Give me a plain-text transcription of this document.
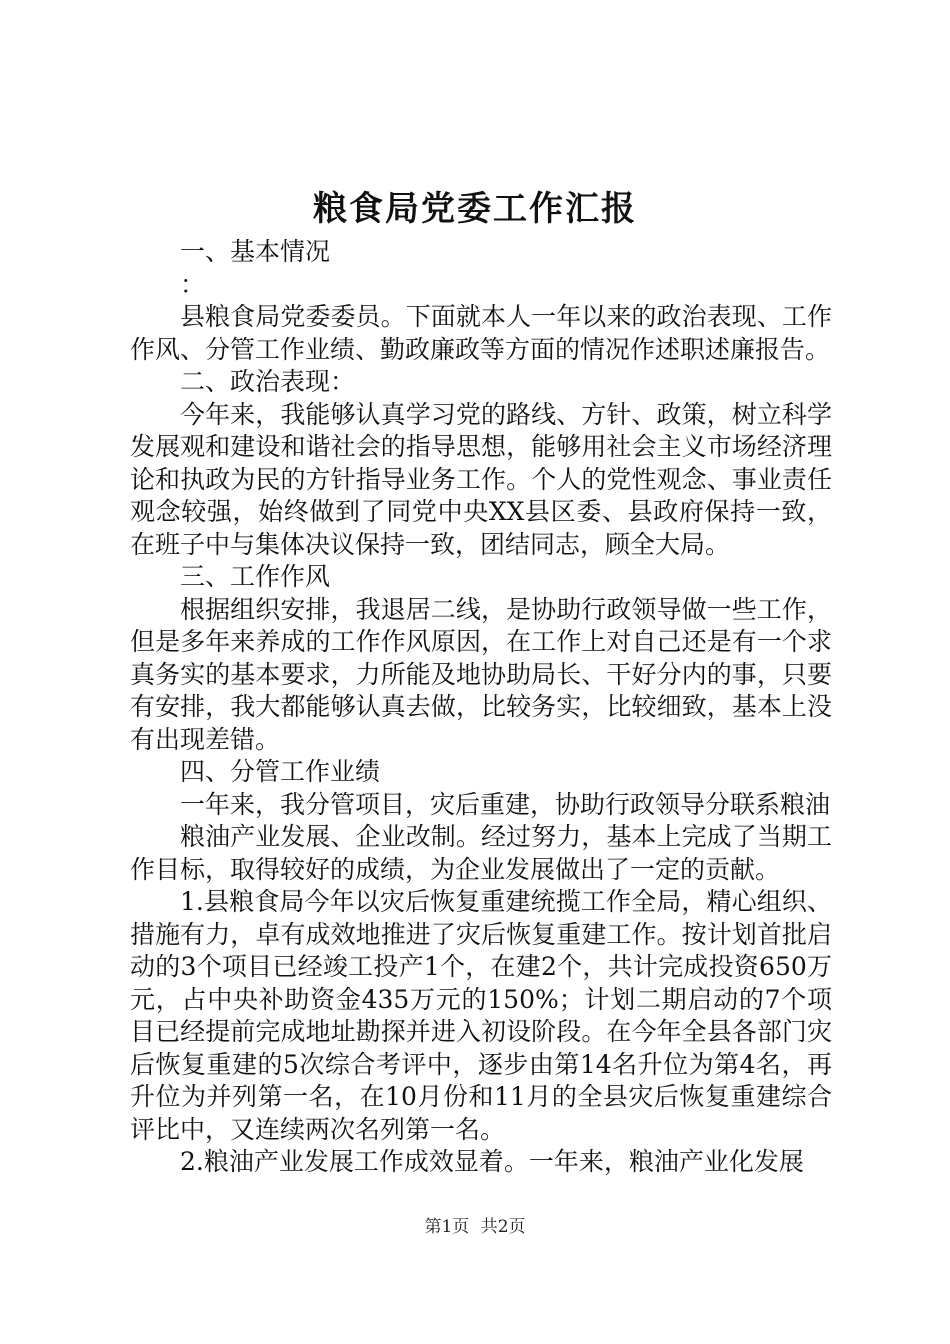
粮食局党委工作汇报

一、基本情况

：

县粮食局党委委员。下面就本人一年以来的政治表现、工作作风、分管工作业绩、勤政廉政等方面的情况作述职述廉报告。

二、政治表现：

今年来，我能够认真学习党的路线、方针、政策，树立科学发展观和建设和谐社会的指导思想，能够用社会主义市场经济理论和执政为民的方针指导业务工作。个人的党性观念、事业责任观念较强，始终做到了同党中央XX县区委、县政府保持一致，在班子中与集体决议保持一致，团结同志，顾全大局。

三、工作作风

根据组织安排，我退居二线，是协助行政领导做一些工作，但是多年来养成的工作作风原因，在工作上对自己还是有一个求真务实的基本要求，力所能及地协助局长、干好分内的事，只要有安排，我大都能够认真去做，比较务实，比较细致，基本上没有出现差错。

四、分管工作业绩

一年来，我分管项目，灾后重建，协助行政领导分联系粮油

粮油产业发展、企业改制。经过努力，基本上完成了当期工作目标，取得较好的成绩，为企业发展做出了一定的贡献。

1.县粮食局今年以灾后恢复重建统揽工作全局，精心组织、措施有力，卓有成效地推进了灾后恢复重建工作。按计划首批启动的3个项目已经竣工投产1个，在建2个，共计完成投资650万元，占中央补助资金435万元的150%；计划二期启动的7个项目已经提前完成地址勘探并进入初设阶段。在今年全县各部门灾后恢复重建的5次综合考评中，逐步由第14名升位为第4名，再升位为并列第一名，在10月份和11月的全县灾后恢复重建综合评比中，又连续两次名列第一名。

2.粮油产业发展工作成效显着。一年来，粮油产业化发展

第1页 共2页
